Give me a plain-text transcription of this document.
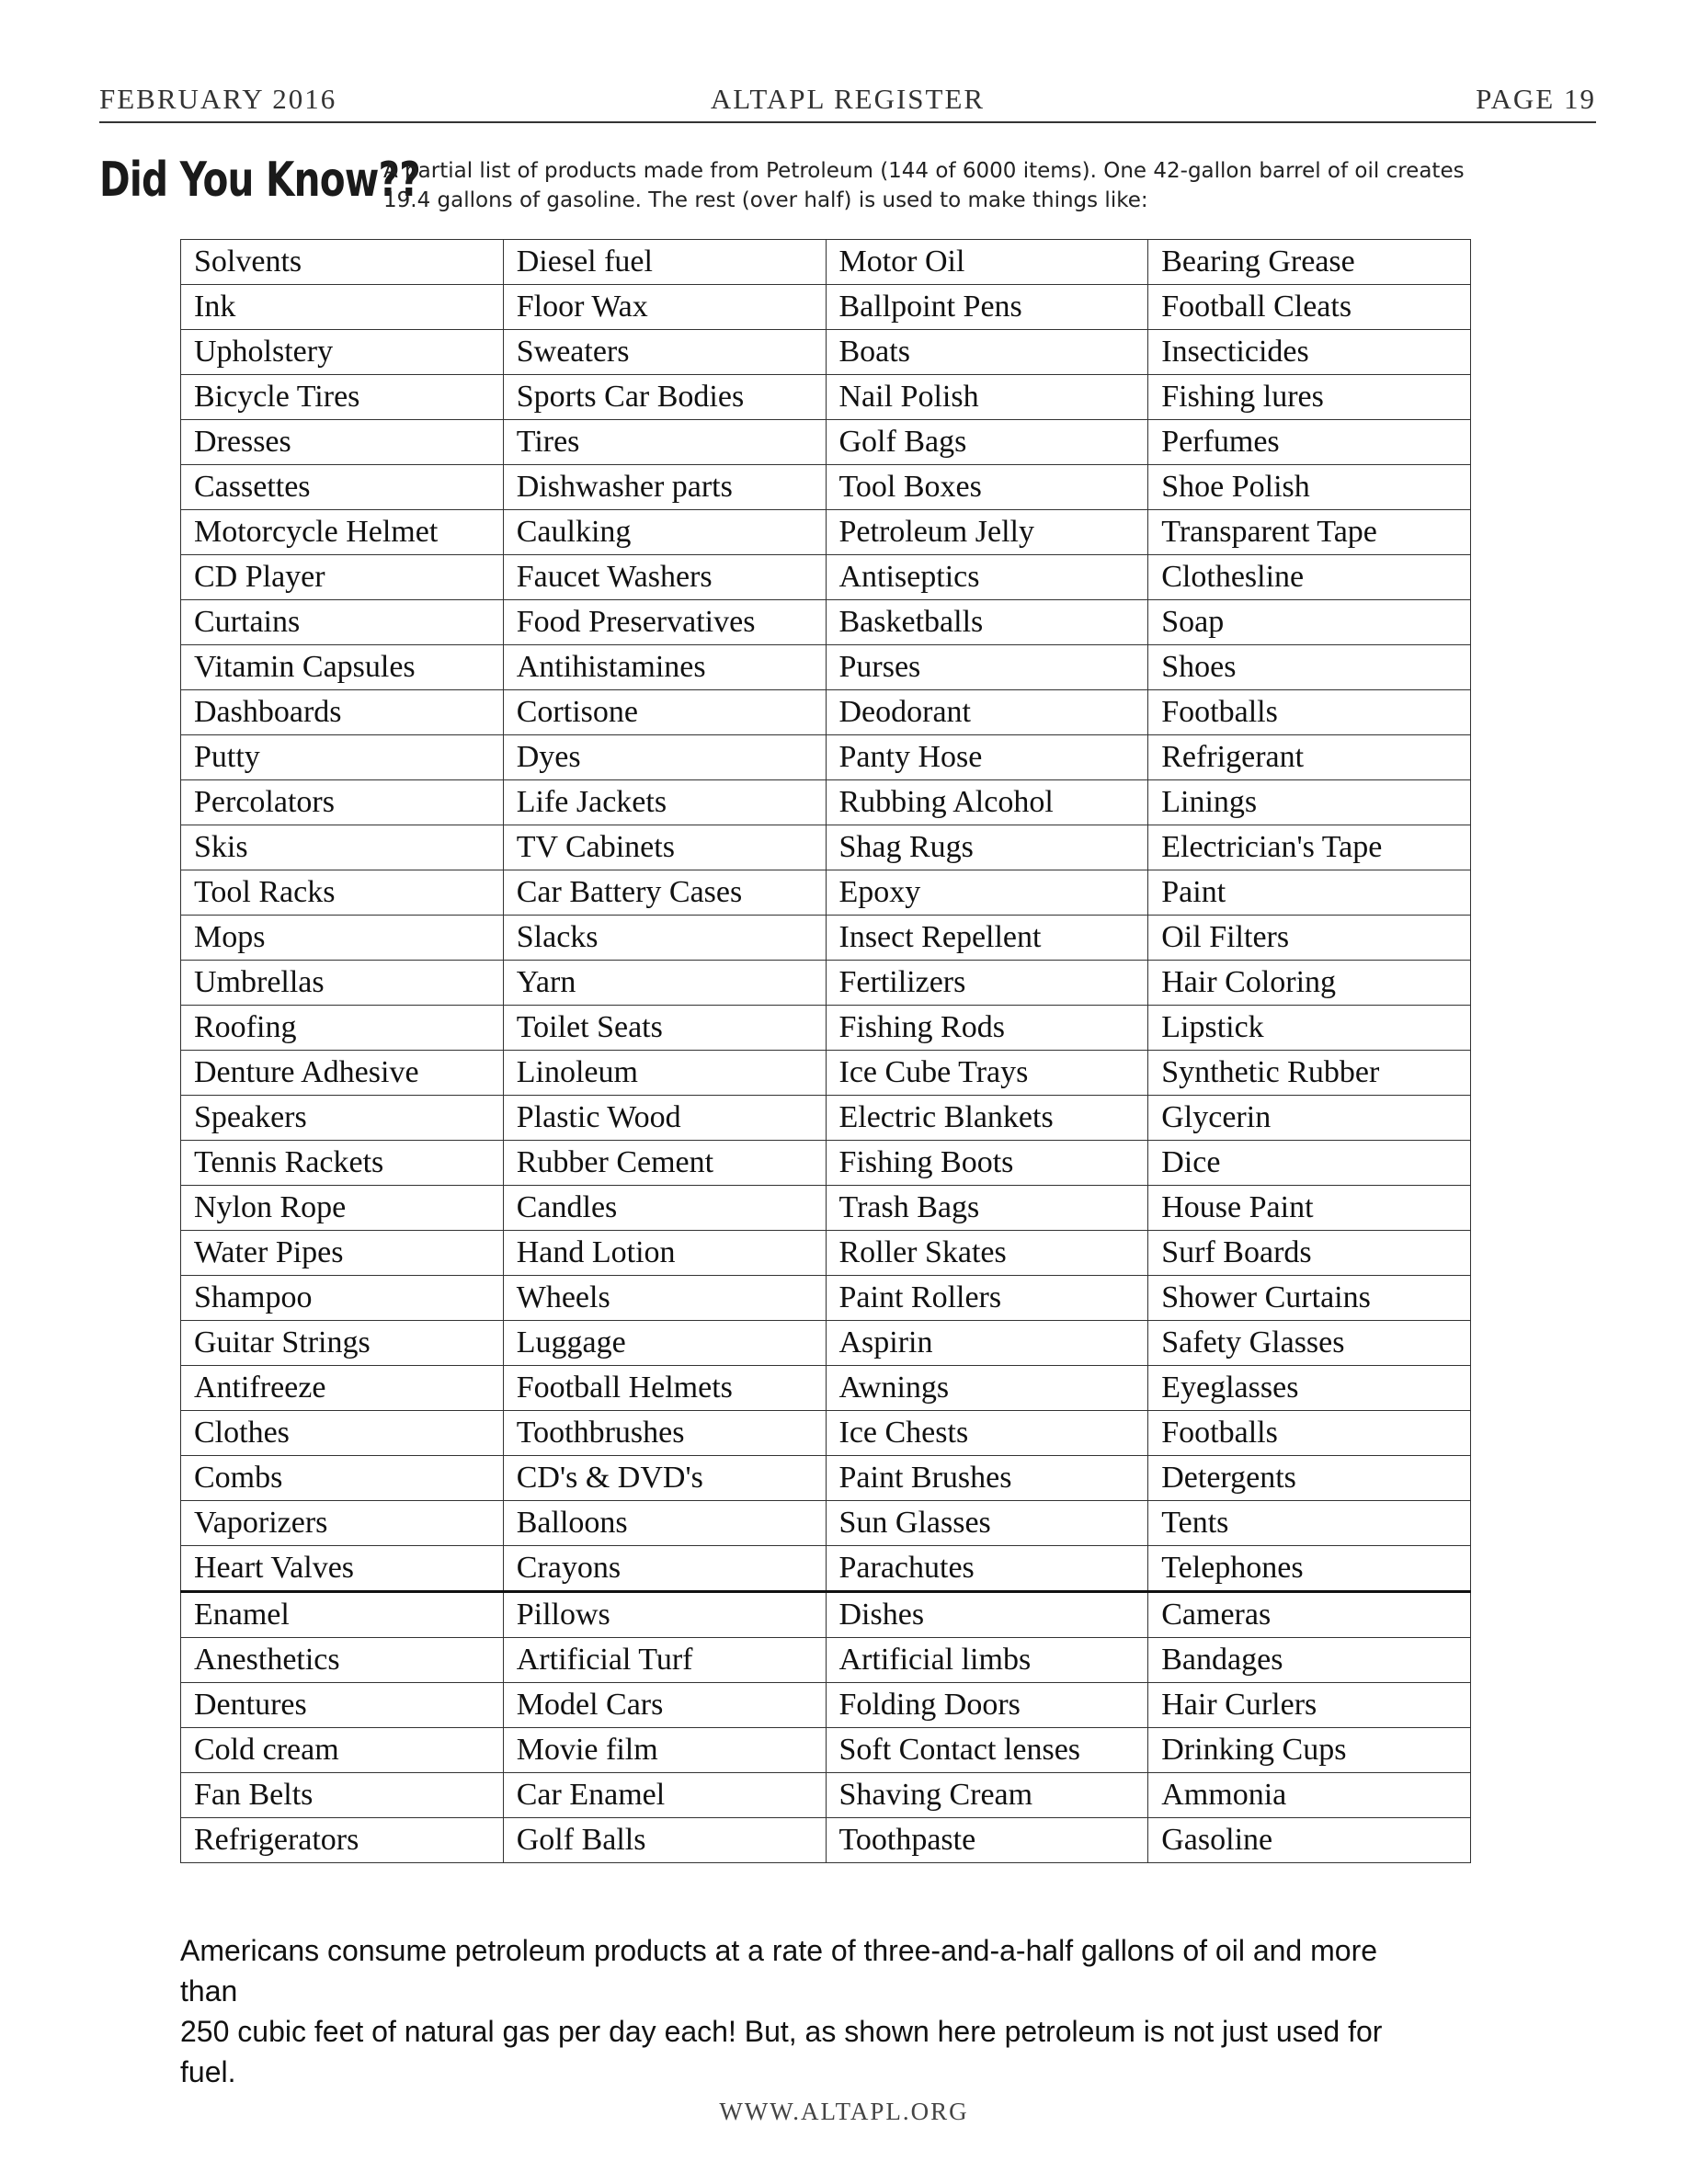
FEBRUARY 2016	ALTAPL REGISTER	PAGE 19
Did You Know??
A partial list of products made from Petroleum (144 of 6000 items). One 42-gallon barrel of oil creates
19.4 gallons of gasoline. The rest (over half) is used to make things like:
Solvents	Diesel fuel	Motor Oil	Bearing Grease
Ink	Floor Wax	Ballpoint Pens	Football Cleats
Upholstery	Sweaters	Boats	Insecticides
Bicycle Tires	Sports Car Bodies	Nail Polish	Fishing lures
Dresses	Tires	Golf Bags	Perfumes
Cassettes	Dishwasher parts	Tool Boxes	Shoe Polish
Motorcycle Helmet	Caulking	Petroleum Jelly	Transparent Tape
CD Player	Faucet Washers	Antiseptics	Clothesline
Curtains	Food Preservatives	Basketballs	Soap
Vitamin Capsules	Antihistamines	Purses	Shoes
Dashboards	Cortisone	Deodorant	Footballs
Putty	Dyes	Panty Hose	Refrigerant
Percolators	Life Jackets	Rubbing Alcohol	Linings
Skis	TV Cabinets	Shag Rugs	Electrician's Tape
Tool Racks	Car Battery Cases	Epoxy	Paint
Mops	Slacks	Insect Repellent	Oil Filters
Umbrellas	Yarn	Fertilizers	Hair Coloring
Roofing	Toilet Seats	Fishing Rods	Lipstick
Denture Adhesive	Linoleum	Ice Cube Trays	Synthetic Rubber
Speakers	Plastic Wood	Electric Blankets	Glycerin
Tennis Rackets	Rubber Cement	Fishing Boots	Dice
Nylon Rope	Candles	Trash Bags	House Paint
Water Pipes	Hand Lotion	Roller Skates	Surf Boards
Shampoo	Wheels	Paint Rollers	Shower Curtains
Guitar Strings	Luggage	Aspirin	Safety Glasses
Antifreeze	Football Helmets	Awnings	Eyeglasses
Clothes	Toothbrushes	Ice Chests	Footballs
Combs	CD's & DVD's	Paint Brushes	Detergents
Vaporizers	Balloons	Sun Glasses	Tents
Heart Valves	Crayons	Parachutes	Telephones
Enamel	Pillows	Dishes	Cameras
Anesthetics	Artificial Turf	Artificial limbs	Bandages
Dentures	Model Cars	Folding Doors	Hair Curlers
Cold cream	Movie film	Soft Contact lenses	Drinking Cups
Fan Belts	Car Enamel	Shaving Cream	Ammonia
Refrigerators	Golf Balls	Toothpaste	Gasoline

Americans consume petroleum products at a rate of three-and-a-half gallons of oil and more

than

250 cubic feet of natural gas per day each! But, as shown here petroleum is not just used for

fuel.

WWW.ALTAPL.ORG
